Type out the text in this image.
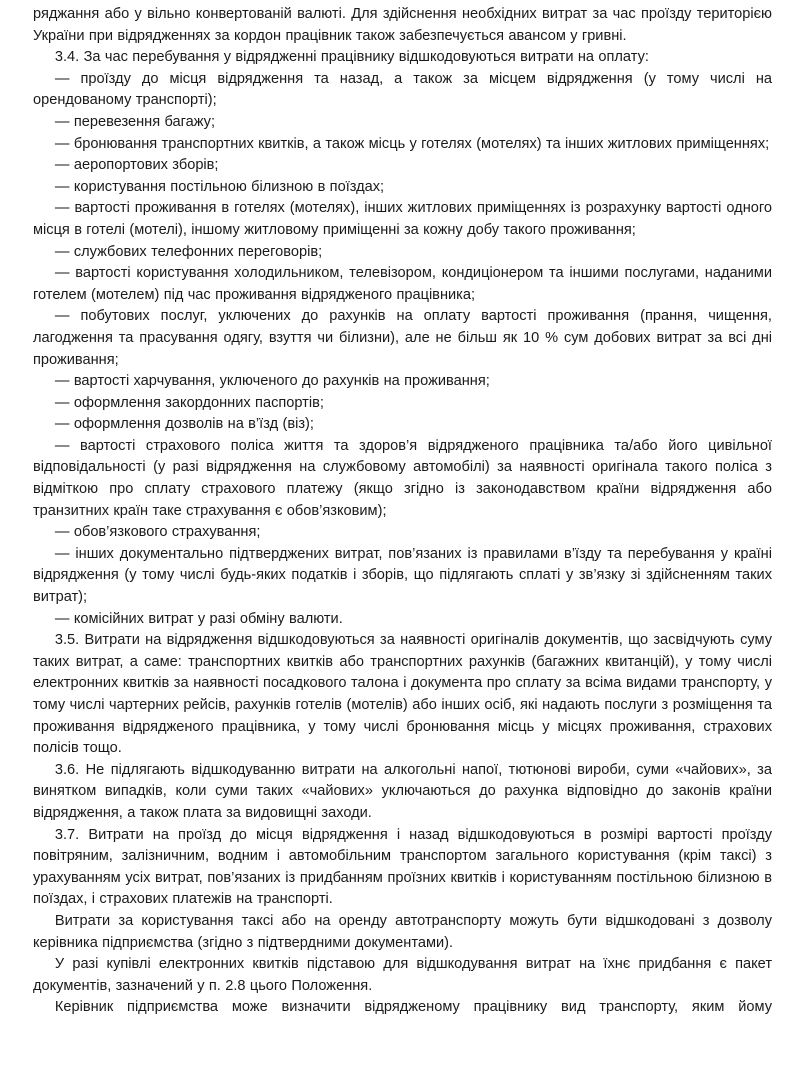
ряджання або у вільно конвертованій валюті. Для здійснення необхідних витрат за час проїзду територією України при відрядженнях за кордон працівник також забезпечується авансом у гривні.

3.4. За час перебування у відрядженні працівнику відшкодовуються витрати на оплату:

— проїзду до місця відрядження та назад, а також за місцем відрядження (у тому числі на орендованому транспорті);

— перевезення багажу;

— бронювання транспортних квитків, а також місць у готелях (мотелях) та інших житлових приміщеннях;

— аеропортових зборів;

— користування постільною білизною в поїздах;

— вартості проживання в готелях (мотелях), інших житлових приміщеннях із розрахунку вартості одного місця в готелі (мотелі), іншому житловому приміщенні за кожну добу такого проживання;

— службових телефонних переговорів;

— вартості користування холодильником, телевізором, кондиціонером та іншими послугами, наданими готелем (мотелем) під час проживання відрядженого працівника;

— побутових послуг, уключених до рахунків на оплату вартості проживання (прання, чищення, лагодження та прасування одягу, взуття чи білизни), але не більш як 10 % сум добових витрат за всі дні проживання;

— вартості харчування, уключеного до рахунків на проживання;

— оформлення закордонних паспортів;

— оформлення дозволів на в’їзд (віз);

— вартості страхового поліса життя та здоров’я відрядженого працівника та/або його цивільної відповідальності (у разі відрядження на службовому автомобілі) за наявності оригінала такого поліса з відміткою про сплату страхового платежу (якщо згідно із законодавством країни відрядження або транзитних країн таке страхування є обов’язковим);

— обов’язкового страхування;

— інших документально підтверджених витрат, пов’язаних із правилами в’їзду та перебування у країні відрядження (у тому числі будь-яких податків і зборів, що підлягають сплаті у зв’язку зі здійсненням таких витрат);

— комісійних витрат у разі обміну валюти.

3.5. Витрати на відрядження відшкодовуються за наявності оригіналів документів, що засвідчують суму таких витрат, а саме: транспортних квитків або транспортних рахунків (багажних квитанцій), у тому числі електронних квитків за наявності посадкового талона і документа про сплату за всіма видами транспорту, у тому числі чартерних рейсів, рахунків готелів (мотелів) або інших осіб, які надають послуги з розміщення та проживання відрядженого працівника, у тому числі бронювання місць у місцях проживання, страхових полісів тощо.

3.6. Не підлягають відшкодуванню витрати на алкогольні напої, тютюнові вироби, суми «чайових», за винятком випадків, коли суми таких «чайових» уключаються до рахунка відповідно до законів країни відрядження, а також плата за видовищні заходи.

3.7. Витрати на проїзд до місця відрядження і назад відшкодовуються в розмірі вартості проїзду повітряним, залізничним, водним і автомобільним транспортом загального користування (крім таксі) з урахуванням усіх витрат, пов’язаних із придбанням проїзних квитків і користуванням постільною білизною в поїздах, і страхових платежів на транспорті.

Витрати за користування таксі або на оренду автотранспорту можуть бути відшкодовані з дозволу керівника підприємства (згідно з підтвердними документами).

У разі купівлі електронних квитків підставою для відшкодування витрат на їхнє придбання є пакет документів, зазначений у п. 2.8 цього Положення.

Керівник підприємства може визначити відрядженому працівнику вид транспорту, яким йому
